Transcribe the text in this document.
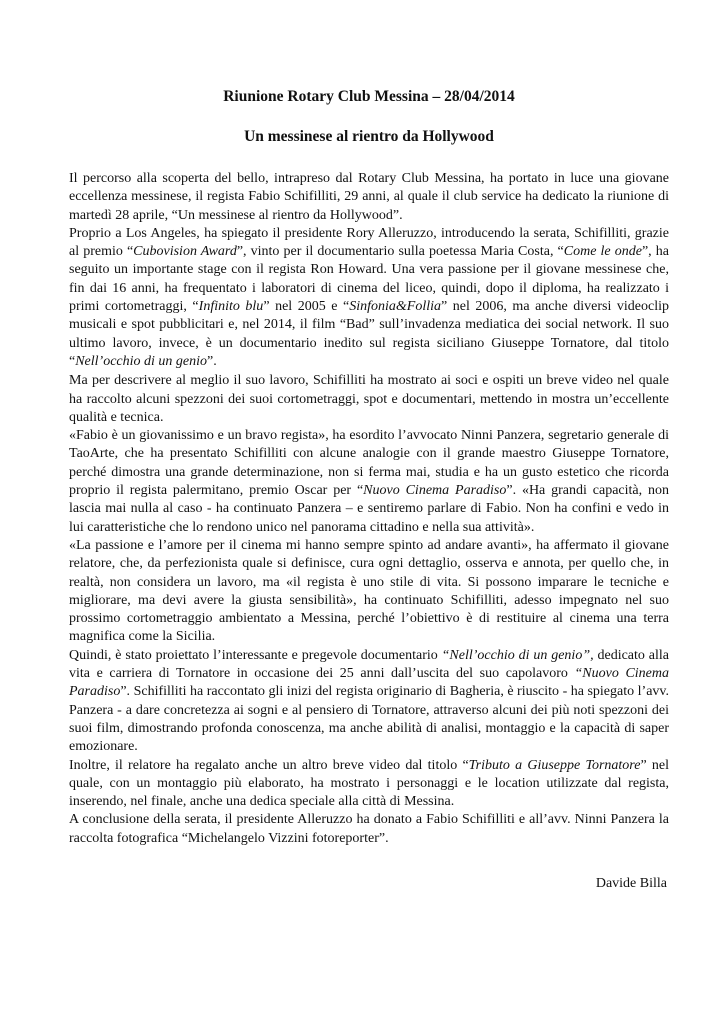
Riunione Rotary Club Messina – 28/04/2014
Un messinese al rientro da Hollywood

Il percorso alla scoperta del bello, intrapreso dal Rotary Club Messina, ha portato in luce una giovane eccellenza messinese, il regista Fabio Schifilliti, 29 anni, al quale il club service ha dedicato la riunione di martedì 28 aprile, “Un messinese al rientro da Hollywood”.

Proprio a Los Angeles, ha spiegato il presidente Rory Alleruzzo, introducendo la serata, Schifilliti, grazie al premio “Cubovision Award”, vinto per il documentario sulla poetessa Maria Costa, “Come le onde”, ha seguito un importante stage con il regista Ron Howard. Una vera passione per il giovane messinese che, fin dai 16 anni, ha frequentato i laboratori di cinema del liceo, quindi, dopo il diploma, ha realizzato i primi cortometraggi, “Infinito blu” nel 2005 e “Sinfonia&Follia” nel 2006, ma anche diversi videoclip musicali e spot pubblicitari e, nel 2014, il film “Bad” sull’invadenza mediatica dei social network. Il suo ultimo lavoro, invece, è un documentario inedito sul regista siciliano Giuseppe Tornatore, dal titolo “Nell’occhio di un genio”.

Ma per descrivere al meglio il suo lavoro, Schifilliti ha mostrato ai soci e ospiti un breve video nel quale ha raccolto alcuni spezzoni dei suoi cortometraggi, spot e documentari, mettendo in mostra un’eccellente qualità e tecnica.

«Fabio è un giovanissimo e un bravo regista», ha esordito l’avvocato Ninni Panzera, segretario generale di TaoArte, che ha presentato Schifilliti con alcune analogie con il grande maestro Giuseppe Tornatore, perché dimostra una grande determinazione, non si ferma mai, studia e ha un gusto estetico che ricorda proprio il regista palermitano, premio Oscar per “Nuovo Cinema Paradiso”. «Ha grandi capacità, non lascia mai nulla al caso - ha continuato Panzera – e sentiremo parlare di Fabio. Non ha confini e vedo in lui caratteristiche che lo rendono unico nel panorama cittadino e nella sua attività».

«La passione e l’amore per il cinema mi hanno sempre spinto ad andare avanti», ha affermato il giovane relatore, che, da perfezionista quale si definisce, cura ogni dettaglio, osserva e annota, per quello che, in realtà, non considera un lavoro, ma «il regista è uno stile di vita. Si possono imparare le tecniche e migliorare, ma devi avere la giusta sensibilità», ha continuato Schifilliti, adesso impegnato nel suo prossimo cortometraggio ambientato a Messina, perché l’obiettivo è di restituire al cinema una terra magnifica come la Sicilia.

Quindi, è stato proiettato l’interessante e pregevole documentario “Nell’occhio di un genio”, dedicato alla vita e carriera di Tornatore in occasione dei 25 anni dall’uscita del suo capolavoro “Nuovo Cinema Paradiso”. Schifilliti ha raccontato gli inizi del regista originario di Bagheria, è riuscito - ha spiegato l’avv. Panzera - a dare concretezza ai sogni e al pensiero di Tornatore, attraverso alcuni dei più noti spezzoni dei suoi film, dimostrando profonda conoscenza, ma anche abilità di analisi, montaggio e la capacità di saper emozionare.

Inoltre, il relatore ha regalato anche un altro breve video dal titolo “Tributo a Giuseppe Tornatore” nel quale, con un montaggio più elaborato, ha mostrato i personaggi e le location utilizzate dal regista, inserendo, nel finale, anche una dedica speciale alla città di Messina.

A conclusione della serata, il presidente Alleruzzo ha donato a Fabio Schifilliti e all’avv. Ninni Panzera la raccolta fotografica “Michelangelo Vizzini fotoreporter”.

Davide Billa
